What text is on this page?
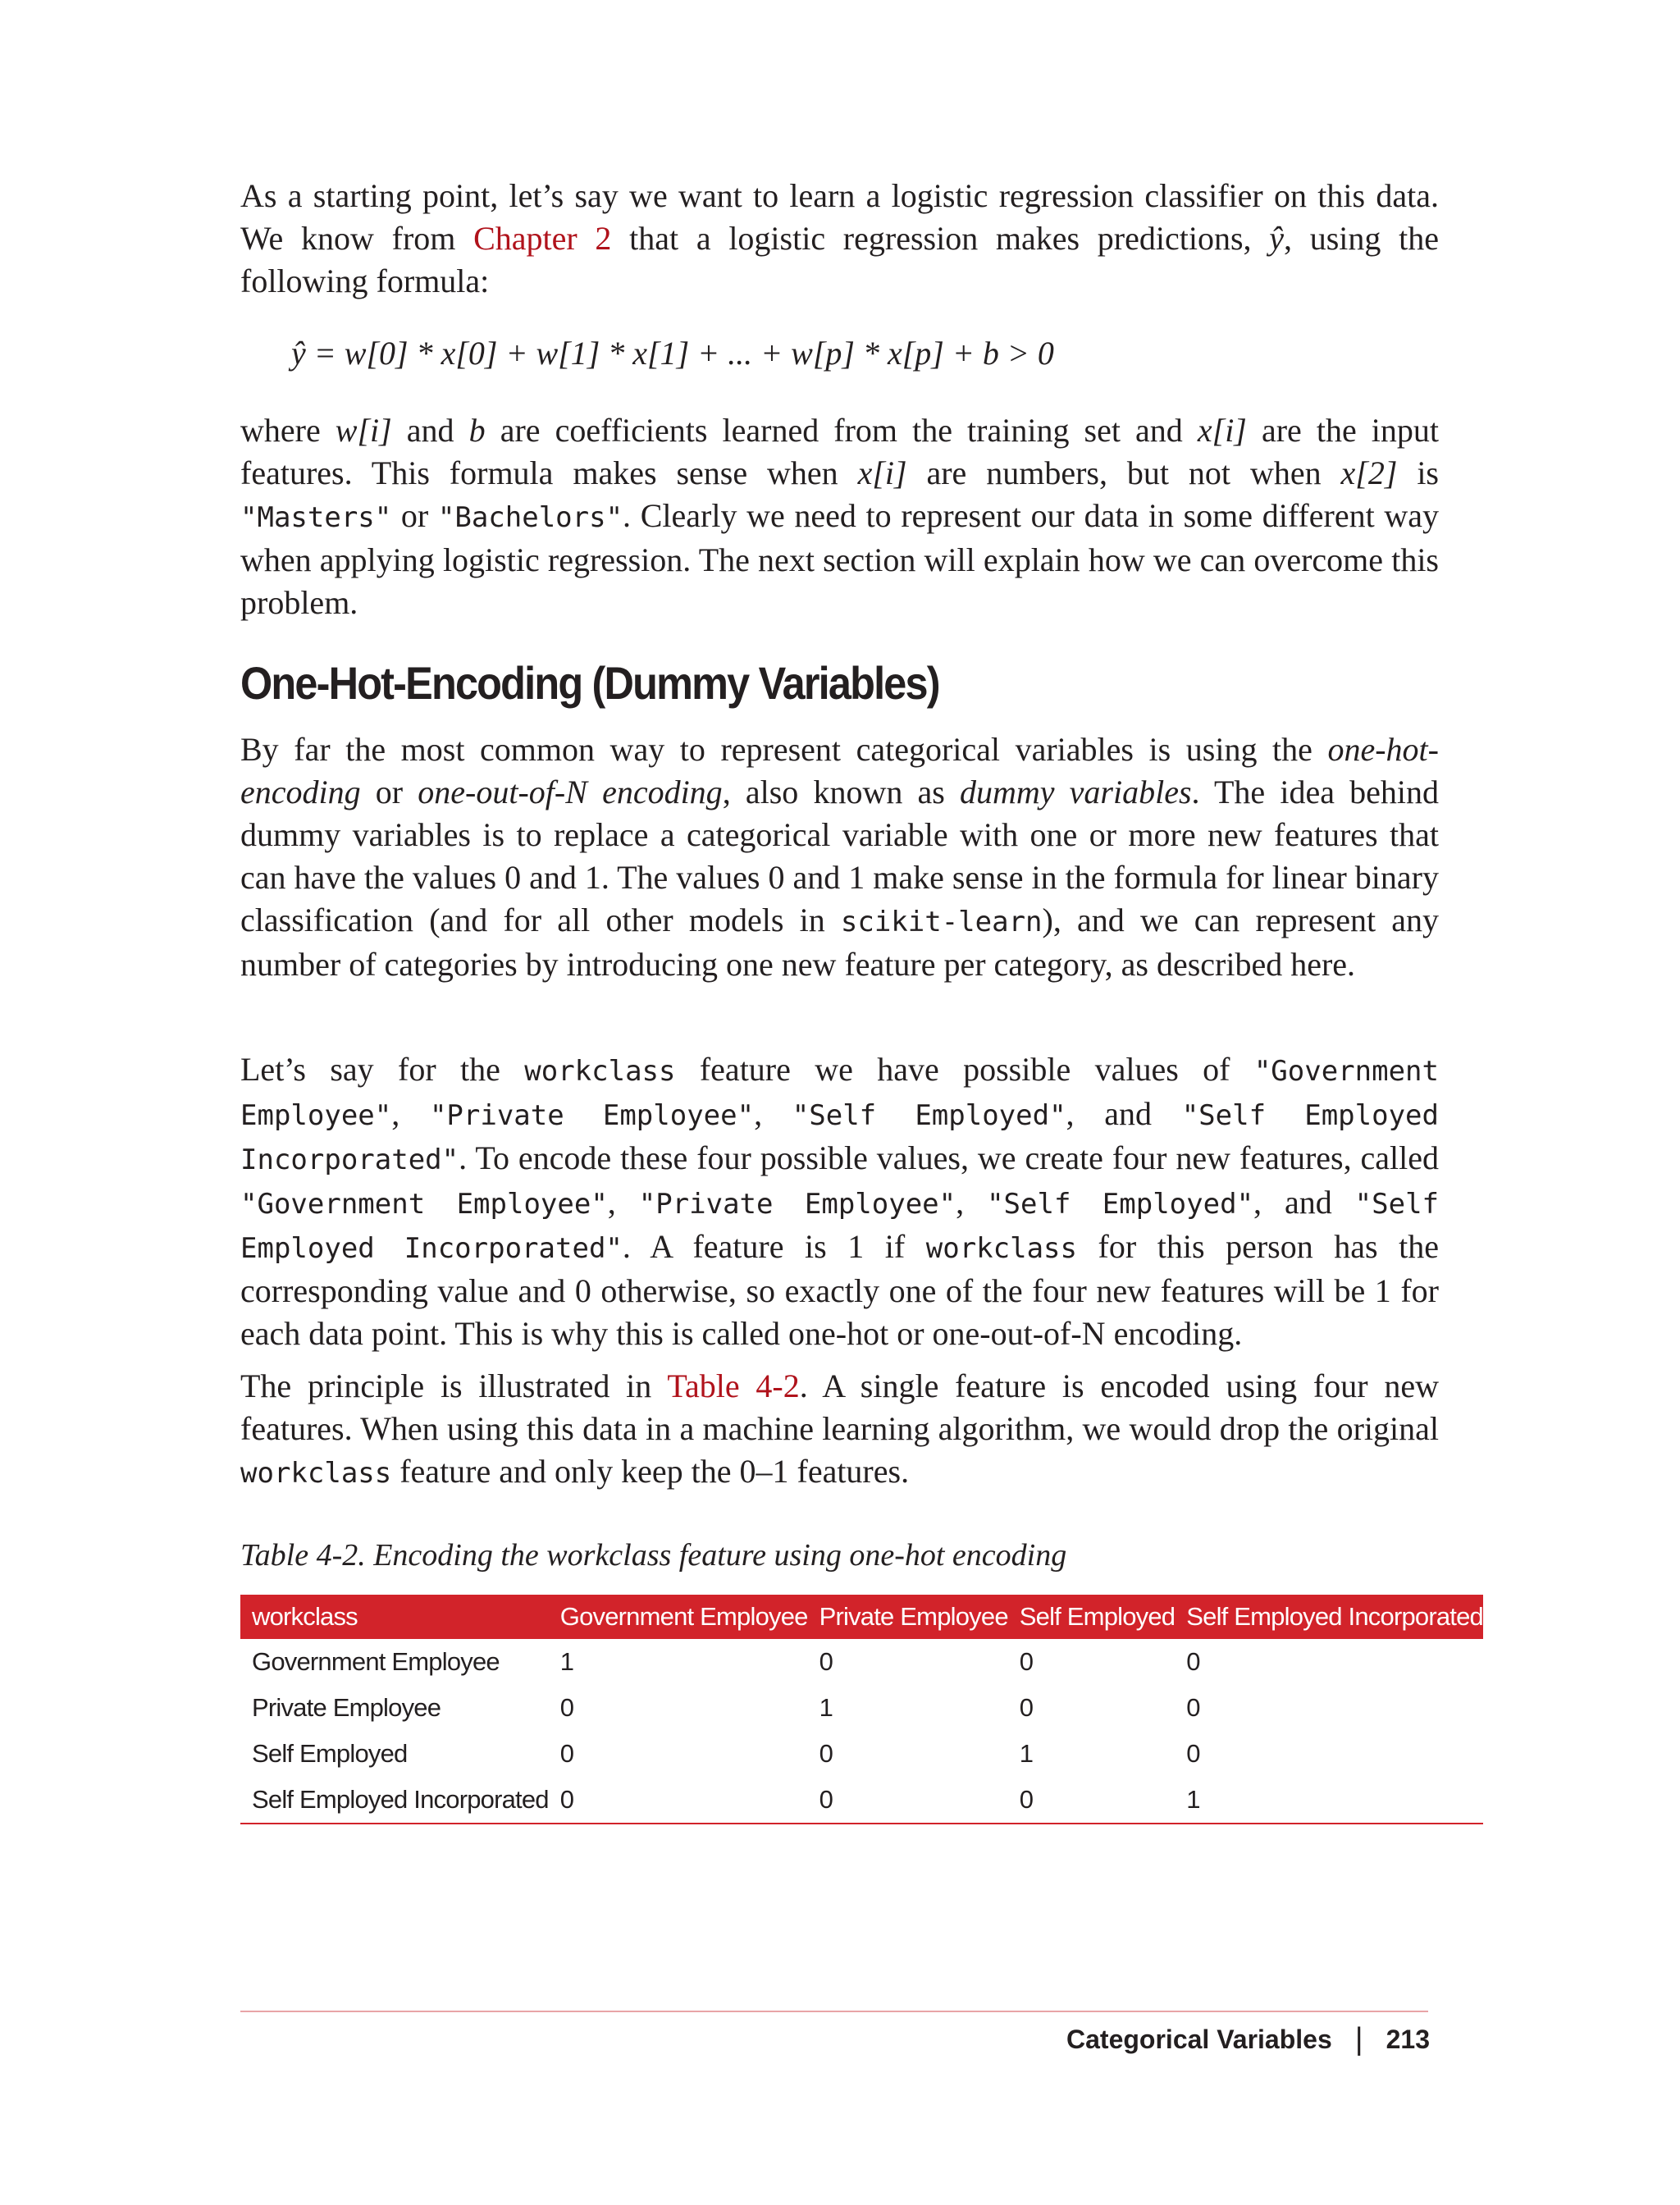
As a starting point, let’s say we want to learn a logistic regression classifier on this data. We know from Chapter 2 that a logistic regression makes predictions, ŷ, using the following formula:

ŷ = w[0] * x[0] + w[1] * x[1] + ... + w[p] * x[p] + b > 0

where w[i] and b are coefficients learned from the training set and x[i] are the input features. This formula makes sense when x[i] are numbers, but not when x[2] is "Masters" or "Bachelors". Clearly we need to represent our data in some different way when applying logistic regression. The next section will explain how we can overcome this problem.

One-Hot-Encoding (Dummy Variables)

By far the most common way to represent categorical variables is using the one-hot-encoding or one-out-of-N encoding, also known as dummy variables. The idea behind dummy variables is to replace a categorical variable with one or more new features that can have the values 0 and 1. The values 0 and 1 make sense in the formula for linear binary classification (and for all other models in scikit-learn), and we can represent any number of categories by introducing one new feature per category, as described here.

Let’s say for the workclass feature we have possible values of "Government Employee", "Private Employee", "Self Employed", and "Self Employed Incorporated". To encode these four possible values, we create four new features, called "Government Employee", "Private Employee", "Self Employed", and "Self Employed Incorporated". A feature is 1 if workclass for this person has the corresponding value and 0 otherwise, so exactly one of the four new features will be 1 for each data point. This is why this is called one-hot or one-out-of-N encoding.

The principle is illustrated in Table 4-2. A single feature is encoded using four new features. When using this data in a machine learning algorithm, we would drop the original workclass feature and only keep the 0–1 features.

Table 4-2. Encoding the workclass feature using one-hot encoding
workclass	Government Employee	Private Employee	Self Employed	Self Employed Incorporated
Government Employee	1	0	0	0
Private Employee	0	1	0	0
Self Employed	0	0	1	0
Self Employed Incorporated	0	0	0	1
Categorical Variables | 213
